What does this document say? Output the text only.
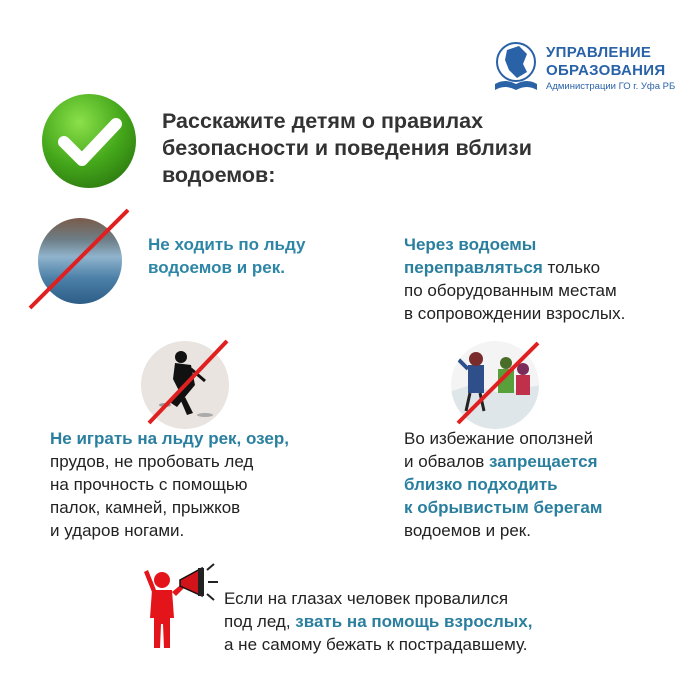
УПРАВЛЕНИЕ
ОБРАЗОВАНИЯ
Администрации ГО г. Уфа РБ
Расскажите детям о правилах
безопасности и поведения вблизи
водоемов:
Не ходить по льду
водоемов и рек.
Через водоемы
переправляться только
по оборудованным местам
в сопровождении взрослых.
Не играть на льду рек, озер,
прудов, не пробовать лед
на прочность с помощью
палок, камней, прыжков
и ударов ногами.
Во избежание оползней
и обвалов запрещается
близко подходить
к обрывистым берегам
водоемов и рек.
Если на глазах человек провалился
под лед, звать на помощь взрослых,
а не самому бежать к пострадавшему.
